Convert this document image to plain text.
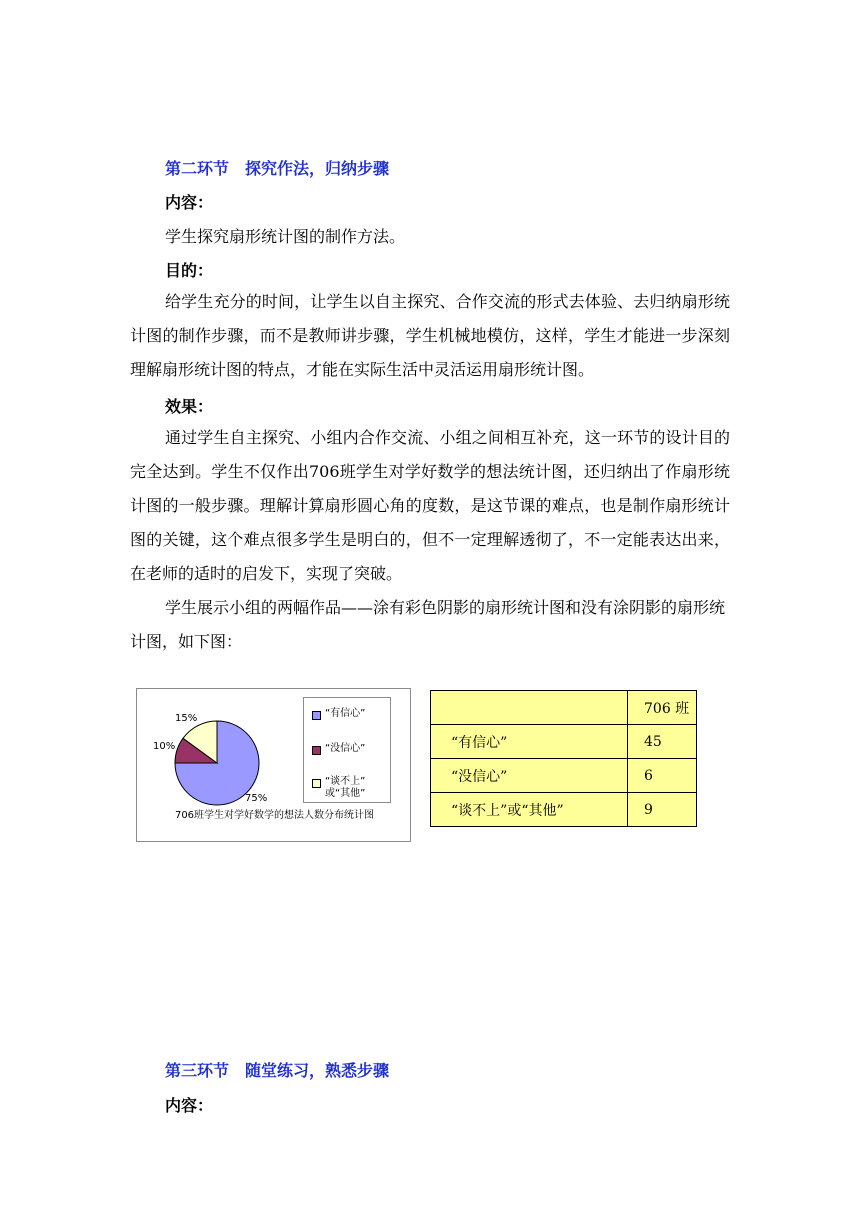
第二环节　探究作法，归纳步骤
内容：
学生探究扇形统计图的制作方法。
目的：
给学生充分的时间，让学生以自主探究、合作交流的形式去体验、去归纳扇形统计图的制作步骤，而不是教师讲步骤，学生机械地模仿，这样，学生才能进一步深刻理解扇形统计图的特点，才能在实际生活中灵活运用扇形统计图。
效果：
通过学生自主探究、小组内合作交流、小组之间相互补充，这一环节的设计目的完全达到。学生不仅作出706班学生对学好数学的想法统计图，还归纳出了作扇形统计图的一般步骤。理解计算扇形圆心角的度数，是这节课的难点，也是制作扇形统计图的关键，这个难点很多学生是明白的，但不一定理解透彻了，不一定能表达出来，在老师的适时的启发下，实现了突破。
学生展示小组的两幅作品——涂有彩色阴影的扇形统计图和没有涂阴影的扇形统计图，如下图：
75%
10%
15%	“有信心”
“没信心”
“谈不上”
或“其他”
706班学生对学好数学的想法人数分布统计图
	706 班
“有信心”	45
“没信心”	6
“谈不上”或“其他”	9
第三环节　随堂练习，熟悉步骤
内容：
